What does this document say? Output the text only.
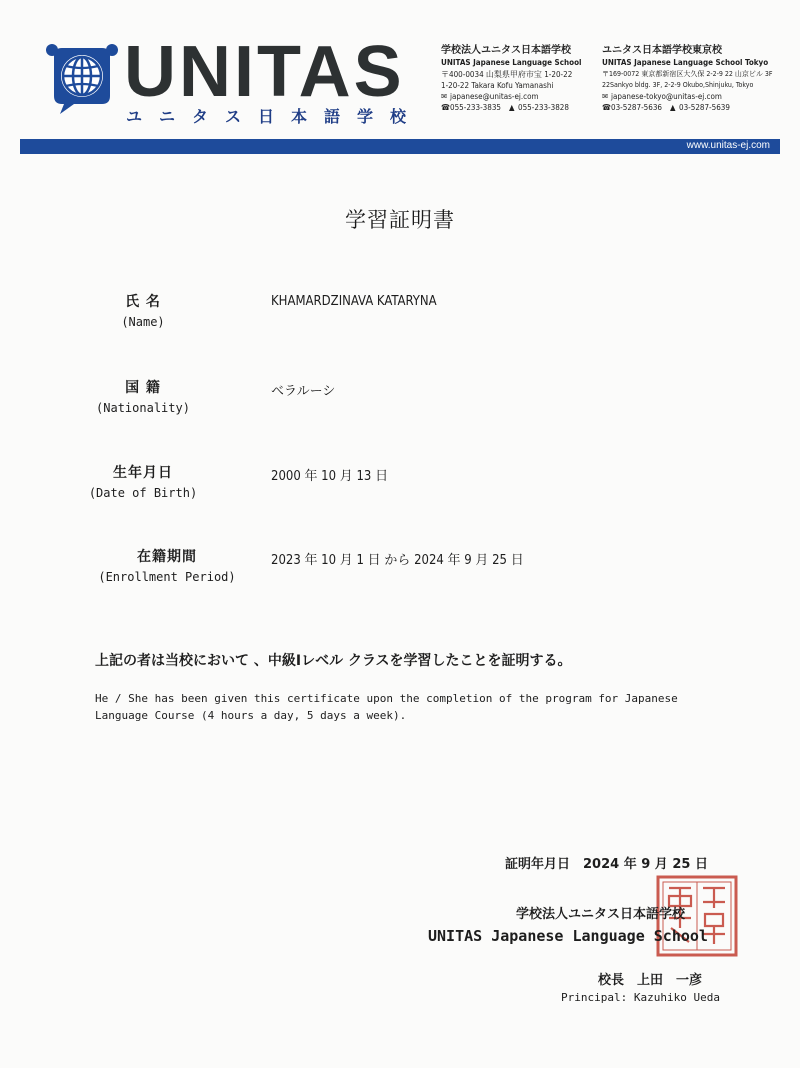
UNITAS
ユニタス日本語学校
学校法人ユニタス日本語学校
UNITAS Japanese Language School
〒400-0034 山梨県甲府市宝 1-20-22
1-20-22 Takara Kofu Yamanashi
✉ japanese@unitas-ej.com
☎055-233-3835　 ▲ 055-233-3828
ユニタス日本語学校東京校
UNITAS Japanese Language School Tokyo
〒169-0072 東京都新宿区大久保 2-2-9 22 山京ビル 3F
22Sankyo bldg. 3F, 2-2-9 Okubo,Shinjuku, Tokyo
✉ japanese-tokyo@unitas-ej.com
☎03-5287-5636　 ▲ 03-5287-5639
www.unitas-ej.com
学習証明書
氏 名
(Name)
KHAMARDZINAVA KATARYNA
国 籍
(Nationality)
ベラルーシ
生年月日
(Date of Birth)
2000 年 10 月 13 日
在籍期間
(Enrollment Period)
2023 年 10 月 1 日 から 2024 年 9 月 25 日
上記の者は当校において 、中級Ⅰレベル クラスを学習したことを証明する。
He / She has been given this certificate upon the completion of the program for Japanese Language Course (4 hours a day, 5 days a week).
証明年月日　2024 年 9 月 25 日
学校法人ユニタス日本語学校
UNITAS Japanese Language School
校長　上田　一彦
Principal: Kazuhiko Ueda
